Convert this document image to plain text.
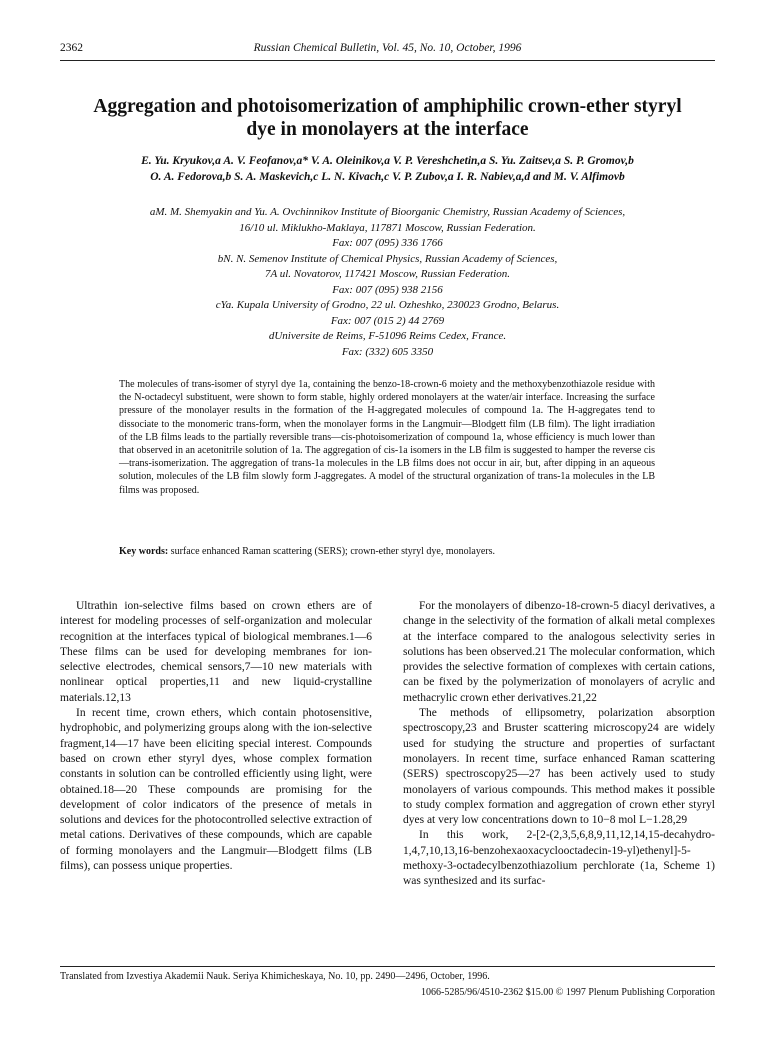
2362	Russian Chemical Bulletin, Vol. 45, No. 10, October, 1996
Aggregation and photoisomerization of amphiphilic crown-ether styryl
dye in monolayers at the interface
E. Yu. Kryukov,a A. V. Feofanov,a* V. A. Oleinikov,a V. P. Vereshchetin,a S. Yu. Zaitsev,a S. P. Gromov,b
O. A. Fedorova,b S. A. Maskevich,c L. N. Kivach,c V. P. Zubov,a I. R. Nabiev,a,d and M. V. Alfimovb
aM. M. Shemyakin and Yu. A. Ovchinnikov Institute of Bioorganic Chemistry, Russian Academy of Sciences,
16/10 ul. Miklukho-Maklaya, 117871 Moscow, Russian Federation.
Fax: 007 (095) 336 1766
bN. N. Semenov Institute of Chemical Physics, Russian Academy of Sciences,
7A ul. Novatorov, 117421 Moscow, Russian Federation.
Fax: 007 (095) 938 2156
cYa. Kupala University of Grodno, 22 ul. Ozheshko, 230023 Grodno, Belarus.
Fax: 007 (015 2) 44 2769
dUniversite de Reims, F-51096 Reims Cedex, France.
Fax: (332) 605 3350
The molecules of trans-isomer of styryl dye 1a, containing the benzo-18-crown-6 moiety and the methoxybenzothiazole residue with the N-octadecyl substituent, were shown to form stable, highly ordered monolayers at the water/air interface. Increasing the surface pressure of the monolayer results in the formation of the H-aggregated molecules of compound 1a. The H-aggregates tend to dissociate to the monomeric trans-form, when the monolayer forms in the Langmuir—Blodgett film (LB film). The light irradiation of the LB films leads to the partially reversible trans—cis-photoisomerization of compound 1a, whose efficiency is much lower than that observed in an acetonitrile solution of 1a. The aggregation of cis-1a isomers in the LB film is suggested to hamper the reverse cis—trans-isomerization. The aggregation of trans-1a molecules in the LB films does not occur in air, but, after dipping in an aqueous solution, molecules of the LB film slowly form J-aggregates. A model of the structural organization of trans-1a molecules in the LB films was proposed.
Key words: surface enhanced Raman scattering (SERS); crown-ether styryl dye, monolayers.

Ultrathin ion-selective films based on crown ethers are of interest for modeling processes of self-organization and molecular recognition at the interfaces typical of biological membranes.1—6 These films can be used for developing membranes for ion-selective electrodes, chemical sensors,7—10 new materials with nonlinear optical properties,11 and new liquid-crystalline materials.12,13

In recent time, crown ethers, which contain photosensitive, hydrophobic, and polymerizing groups along with the ion-selective fragment,14—17 have been eliciting special interest. Compounds based on crown ether styryl dyes, whose complex formation constants in solution can be controlled efficiently using light, were obtained.18—20 These compounds are promising for the development of color indicators of the presence of metals in solutions and devices for the photocontrolled selective extraction of metal cations. Derivatives of these compounds, which are capable of forming monolayers and the Langmuir—Blodgett films (LB films), can possess unique properties.

For the monolayers of dibenzo-18-crown-5 diacyl derivatives, a change in the selectivity of the formation of alkali metal complexes at the interface compared to the analogous selectivity series in solutions has been observed.21 The molecular conformation, which provides the selective formation of complexes with certain cations, can be fixed by the polymerization of monolayers of acrylic and methacrylic crown ether derivatives.21,22

The methods of ellipsometry, polarization absorption spectroscopy,23 and Bruster scattering microscopy24 are widely used for studying the structure and properties of surfactant monolayers. In recent time, surface enhanced Raman scattering (SERS) spectroscopy25—27 has been actively used to study monolayers of various compounds. This method makes it possible to study complex formation and aggregation of crown ether styryl dyes at very low concentrations down to 10−8 mol L−1.28,29

In this work, 2-[2-(2,3,5,6,8,9,11,12,14,15-decahydro-1,4,7,10,13,16-benzohexaoxacyclooctadecin-19-yl)ethenyl]-5-methoxy-3-octadecylbenzothiazolium perchlorate (1a, Scheme 1) was synthesized and its surfac-

Translated from Izvestiya Akademii Nauk. Seriya Khimicheskaya, No. 10, pp. 2490—2496, October, 1996.
1066-5285/96/4510-2362 $15.00 © 1997 Plenum Publishing Corporation
